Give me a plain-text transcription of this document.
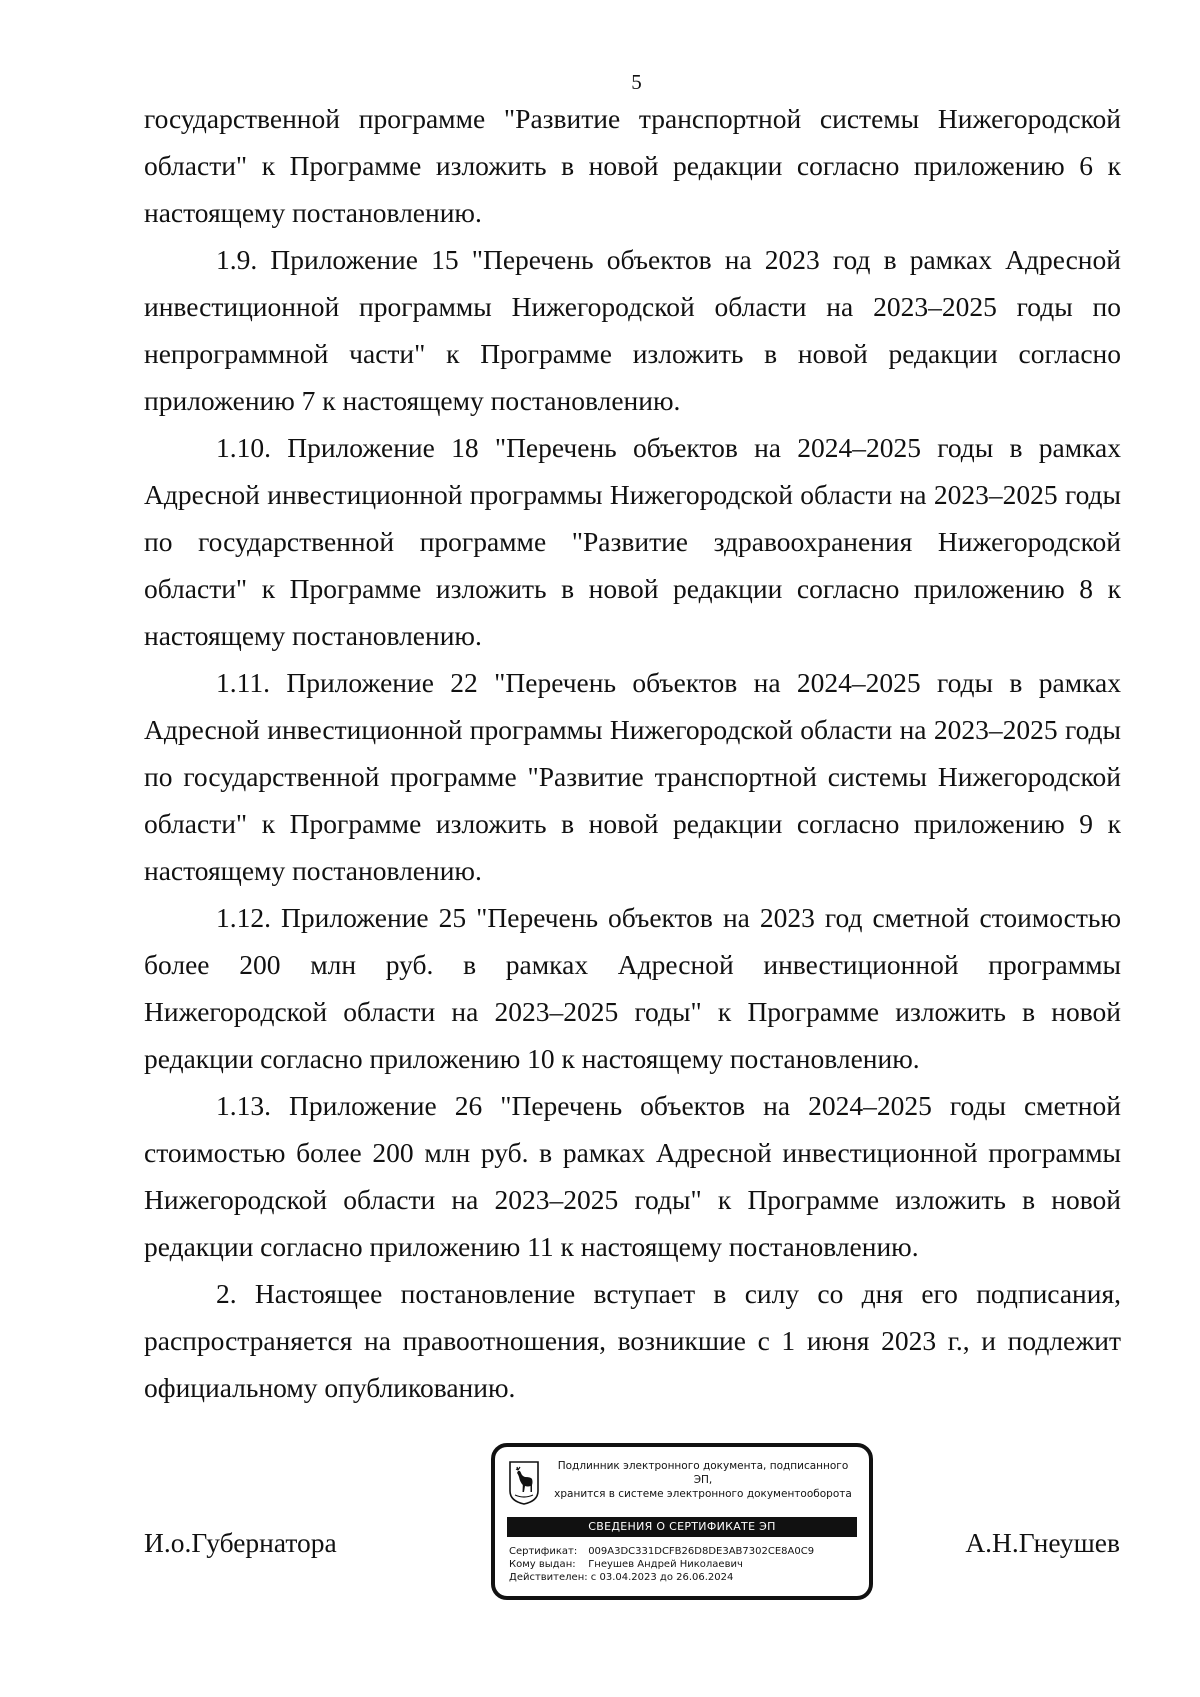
5

государственной программе "Развитие транспортной системы Нижегородской области" к Программе изложить в новой редакции согласно приложению 6 к настоящему постановлению.

1.9. Приложение 15 "Перечень объектов на 2023 год в рамках Адресной инвестиционной программы Нижегородской области на 2023–2025 годы по непрограммной части" к Программе изложить в новой редакции согласно приложению 7 к настоящему постановлению.

1.10. Приложение 18 "Перечень объектов на 2024–2025 годы в рамках Адресной инвестиционной программы Нижегородской области на 2023–2025 годы по государственной программе "Развитие здравоохранения Нижегородской области" к Программе изложить в новой редакции согласно приложению 8 к настоящему постановлению.

1.11. Приложение 22 "Перечень объектов на 2024–2025 годы в рамках Адресной инвестиционной программы Нижегородской области на 2023–2025 годы по государственной программе "Развитие транспортной системы Нижегородской области" к Программе изложить в новой редакции согласно приложению 9 к настоящему постановлению.

1.12. Приложение 25 "Перечень объектов на 2023 год сметной стоимостью более 200 млн руб. в рамках Адресной инвестиционной программы Нижегородской области на 2023–2025 годы" к Программе изложить в новой редакции согласно приложению 10 к настоящему постановлению.

1.13. Приложение 26 "Перечень объектов на 2024–2025 годы сметной стоимостью более 200 млн руб. в рамках Адресной инвестиционной программы Нижегородской области на 2023–2025 годы" к Программе изложить в новой редакции согласно приложению 11 к настоящему постановлению.

2. Настоящее постановление вступает в силу со дня его подписания, распространяется на правоотношения, возникшие с 1 июня 2023 г., и подлежит официальному опубликованию.

И.о.Губернатора
Подлинник электронного документа, подписанного ЭП,
хранится в системе электронного документооборота
СВЕДЕНИЯ О СЕРТИФИКАТЕ ЭП
Сертификат: 009A3DC331DCFB26D8DE3AB7302CE8A0C9
Кому выдан: Гнеушев Андрей Николаевич
Действителен: с 03.04.2023 до 26.06.2024
А.Н.Гнеушев
